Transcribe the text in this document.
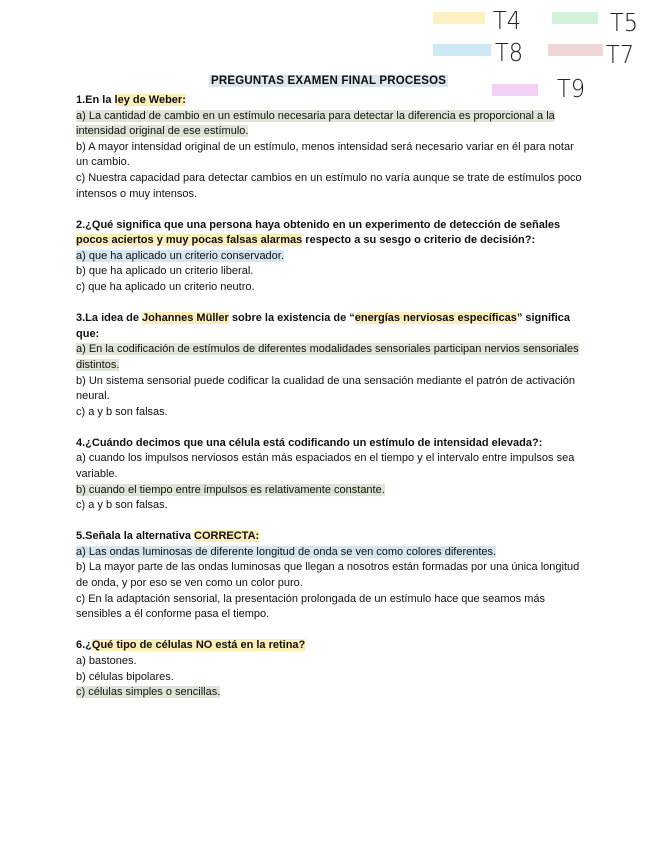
T4	T5
T8	T7
T9
PREGUNTAS EXAMEN FINAL PROCESOS
1.En la ley de Weber:
a) La cantidad de cambio en un estímulo necesaria para detectar la diferencia es proporcional a la intensidad original de ese estímulo.
b) A mayor intensidad original de un estímulo, menos intensidad será necesario variar en él para notar un cambio.
c) Nuestra capacidad para detectar cambios en un estímulo no varía aunque se trate de estímulos poco intensos o muy intensos.
2.¿Qué significa que una persona haya obtenido en un experimento de detección de señales pocos aciertos y muy pocas falsas alarmas respecto a su sesgo o criterio de decisión?:
a) que ha aplicado un criterio conservador.
b) que ha aplicado un criterio liberal.
c) que ha aplicado un criterio neutro.
3.La idea de Johannes Müller sobre la existencia de “energías nerviosas específicas” significa que:
a) En la codificación de estímulos de diferentes modalidades sensoriales participan nervios sensoriales distintos.
b) Un sistema sensorial puede codificar la cualidad de una sensación mediante el patrón de activación neural.
c) a y b son falsas.
4.¿Cuándo decimos que una célula está codificando un estímulo de intensidad elevada?:
a) cuando los impulsos nerviosos están más espaciados en el tiempo y el intervalo entre impulsos sea variable.
b) cuando el tiempo entre impulsos es relativamente constante.
c) a y b son falsas.
5.Señala la alternativa CORRECTA:
a) Las ondas luminosas de diferente longitud de onda se ven como colores diferentes.
b) La mayor parte de las ondas luminosas que llegan a nosotros están formadas por una única longitud de onda, y por eso se ven como un color puro.
c) En la adaptación sensorial, la presentación prolongada de un estímulo hace que seamos más sensibles a él conforme pasa el tiempo.
6.¿Qué tipo de células NO está en la retina?
a) bastones.
b) células bipolares.
c) células simples o sencillas.
